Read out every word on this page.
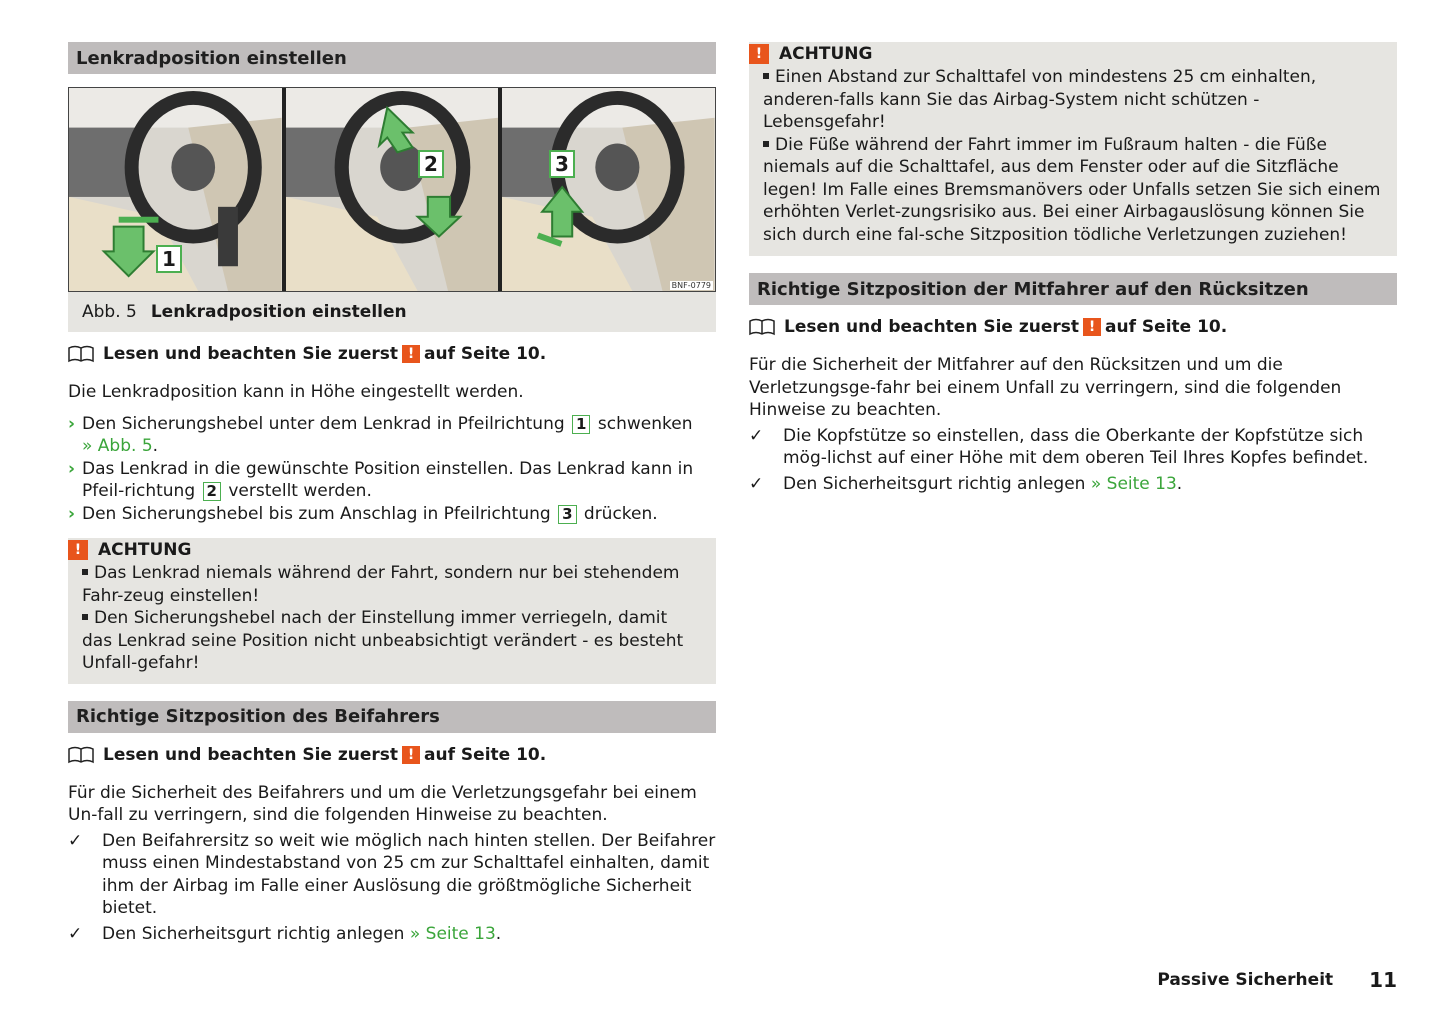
Lenkradposition einstellen
1
2	3
BNF-0779
Abb. 5 Lenkradposition einstellen
Lesen und beachten Sie zuerst ! auf Seite 10.

Die Lenkradposition kann in Höhe eingestellt werden.

› Den Sicherungshebel unter dem Lenkrad in Pfeilrichtung 1 schwenken
» Abb. 5.
› Das Lenkrad in die gewünschte Position einstellen. Das Lenkrad kann in Pfeil-richtung 2 verstellt werden.
› Den Sicherungshebel bis zum Anschlag in Pfeilrichtung 3 drücken.
! ACHTUNG

Das Lenkrad niemals während der Fahrt, sondern nur bei stehendem Fahr-zeug einstellen!

Den Sicherungshebel nach der Einstellung immer verriegeln, damit das Lenkrad seine Position nicht unbeabsichtigt verändert - es besteht Unfall-gefahr!

Richtige Sitzposition des Beifahrers
Lesen und beachten Sie zuerst ! auf Seite 10.

Für die Sicherheit des Beifahrers und um die Verletzungsgefahr bei einem Un-fall zu verringern, sind die folgenden Hinweise zu beachten.

✓ Den Beifahrersitz so weit wie möglich nach hinten stellen. Der Beifahrer muss einen Mindestabstand von 25 cm zur Schalttafel einhalten, damit ihm der Airbag im Falle einer Auslösung die größtmögliche Sicherheit bietet.
✓ Den Sicherheitsgurt richtig anlegen » Seite 13.
! ACHTUNG

Einen Abstand zur Schalttafel von mindestens 25 cm einhalten, anderen-falls kann Sie das Airbag-System nicht schützen - Lebensgefahr!

Die Füße während der Fahrt immer im Fußraum halten - die Füße niemals auf die Schalttafel, aus dem Fenster oder auf die Sitzfläche legen! Im Falle eines Bremsmanövers oder Unfalls setzen Sie sich einem erhöhten Verlet-zungsrisiko aus. Bei einer Airbagauslösung können Sie sich durch eine fal-sche Sitzposition tödliche Verletzungen zuziehen!

Richtige Sitzposition der Mitfahrer auf den Rücksitzen
Lesen und beachten Sie zuerst ! auf Seite 10.

Für die Sicherheit der Mitfahrer auf den Rücksitzen und um die Verletzungsge-fahr bei einem Unfall zu verringern, sind die folgenden Hinweise zu beachten.

✓ Die Kopfstütze so einstellen, dass die Oberkante der Kopfstütze sich mög-lichst auf einer Höhe mit dem oberen Teil Ihres Kopfes befindet.
✓ Den Sicherheitsgurt richtig anlegen » Seite 13.
Passive Sicherheit 11
